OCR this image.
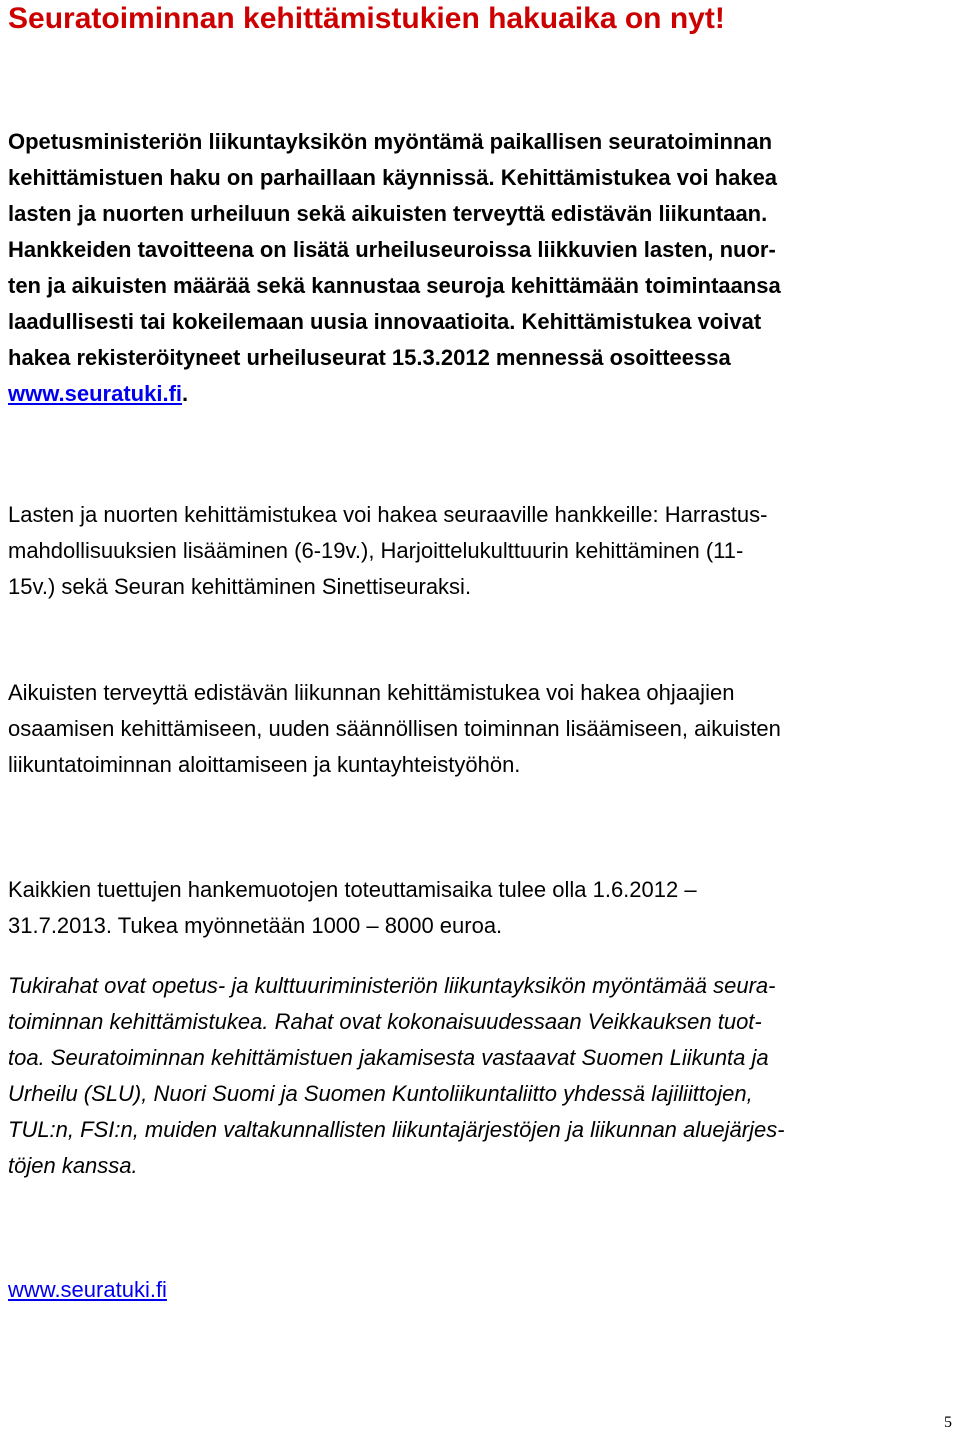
Seuratoiminnan kehittämistukien hakuaika on nyt!
Opetusministeriön liikuntayksikön myöntämä paikallisen seuratoiminnan
kehittämistuen haku on parhaillaan käynnissä. Kehittämistukea voi hakea
lasten ja nuorten urheiluun sekä aikuisten terveyttä edistävän liikuntaan.
Hankkeiden tavoitteena on lisätä urheiluseuroissa liikkuvien lasten, nuor-
ten ja aikuisten määrää sekä kannustaa seuroja kehittämään toimintaansa
laadullisesti tai kokeilemaan uusia innovaatioita. Kehittämistukea voivat
hakea rekisteröityneet urheiluseurat 15.3.2012 mennessä osoitteessa
www.seuratuki.fi.
Lasten ja nuorten kehittämistukea voi hakea seuraaville hankkeille: Harrastus-
mahdollisuuksien lisääminen (6-19v.), Harjoittelukulttuurin kehittäminen (11-
15v.) sekä Seuran kehittäminen Sinettiseuraksi.
Aikuisten terveyttä edistävän liikunnan kehittämistukea voi hakea ohjaajien
osaamisen kehittämiseen, uuden säännöllisen toiminnan lisäämiseen, aikuisten
liikuntatoiminnan aloittamiseen ja kuntayhteistyöhön.
Kaikkien tuettujen hankemuotojen toteuttamisaika tulee olla 1.6.2012 –
31.7.2013. Tukea myönnetään 1000 – 8000 euroa.
Tukirahat ovat opetus- ja kulttuuriministeriön liikuntayksikön myöntämää seura-
toiminnan kehittämistukea. Rahat ovat kokonaisuudessaan Veikkauksen tuot-
toa. Seuratoiminnan kehittämistuen jakamisesta vastaavat Suomen Liikunta ja
Urheilu (SLU), Nuori Suomi ja Suomen Kuntoliikuntaliitto yhdessä lajiliittojen,
TUL:n, FSI:n, muiden valtakunnallisten liikuntajärjestöjen ja liikunnan aluejärjes-
töjen kanssa.
www.seuratuki.fi
5
